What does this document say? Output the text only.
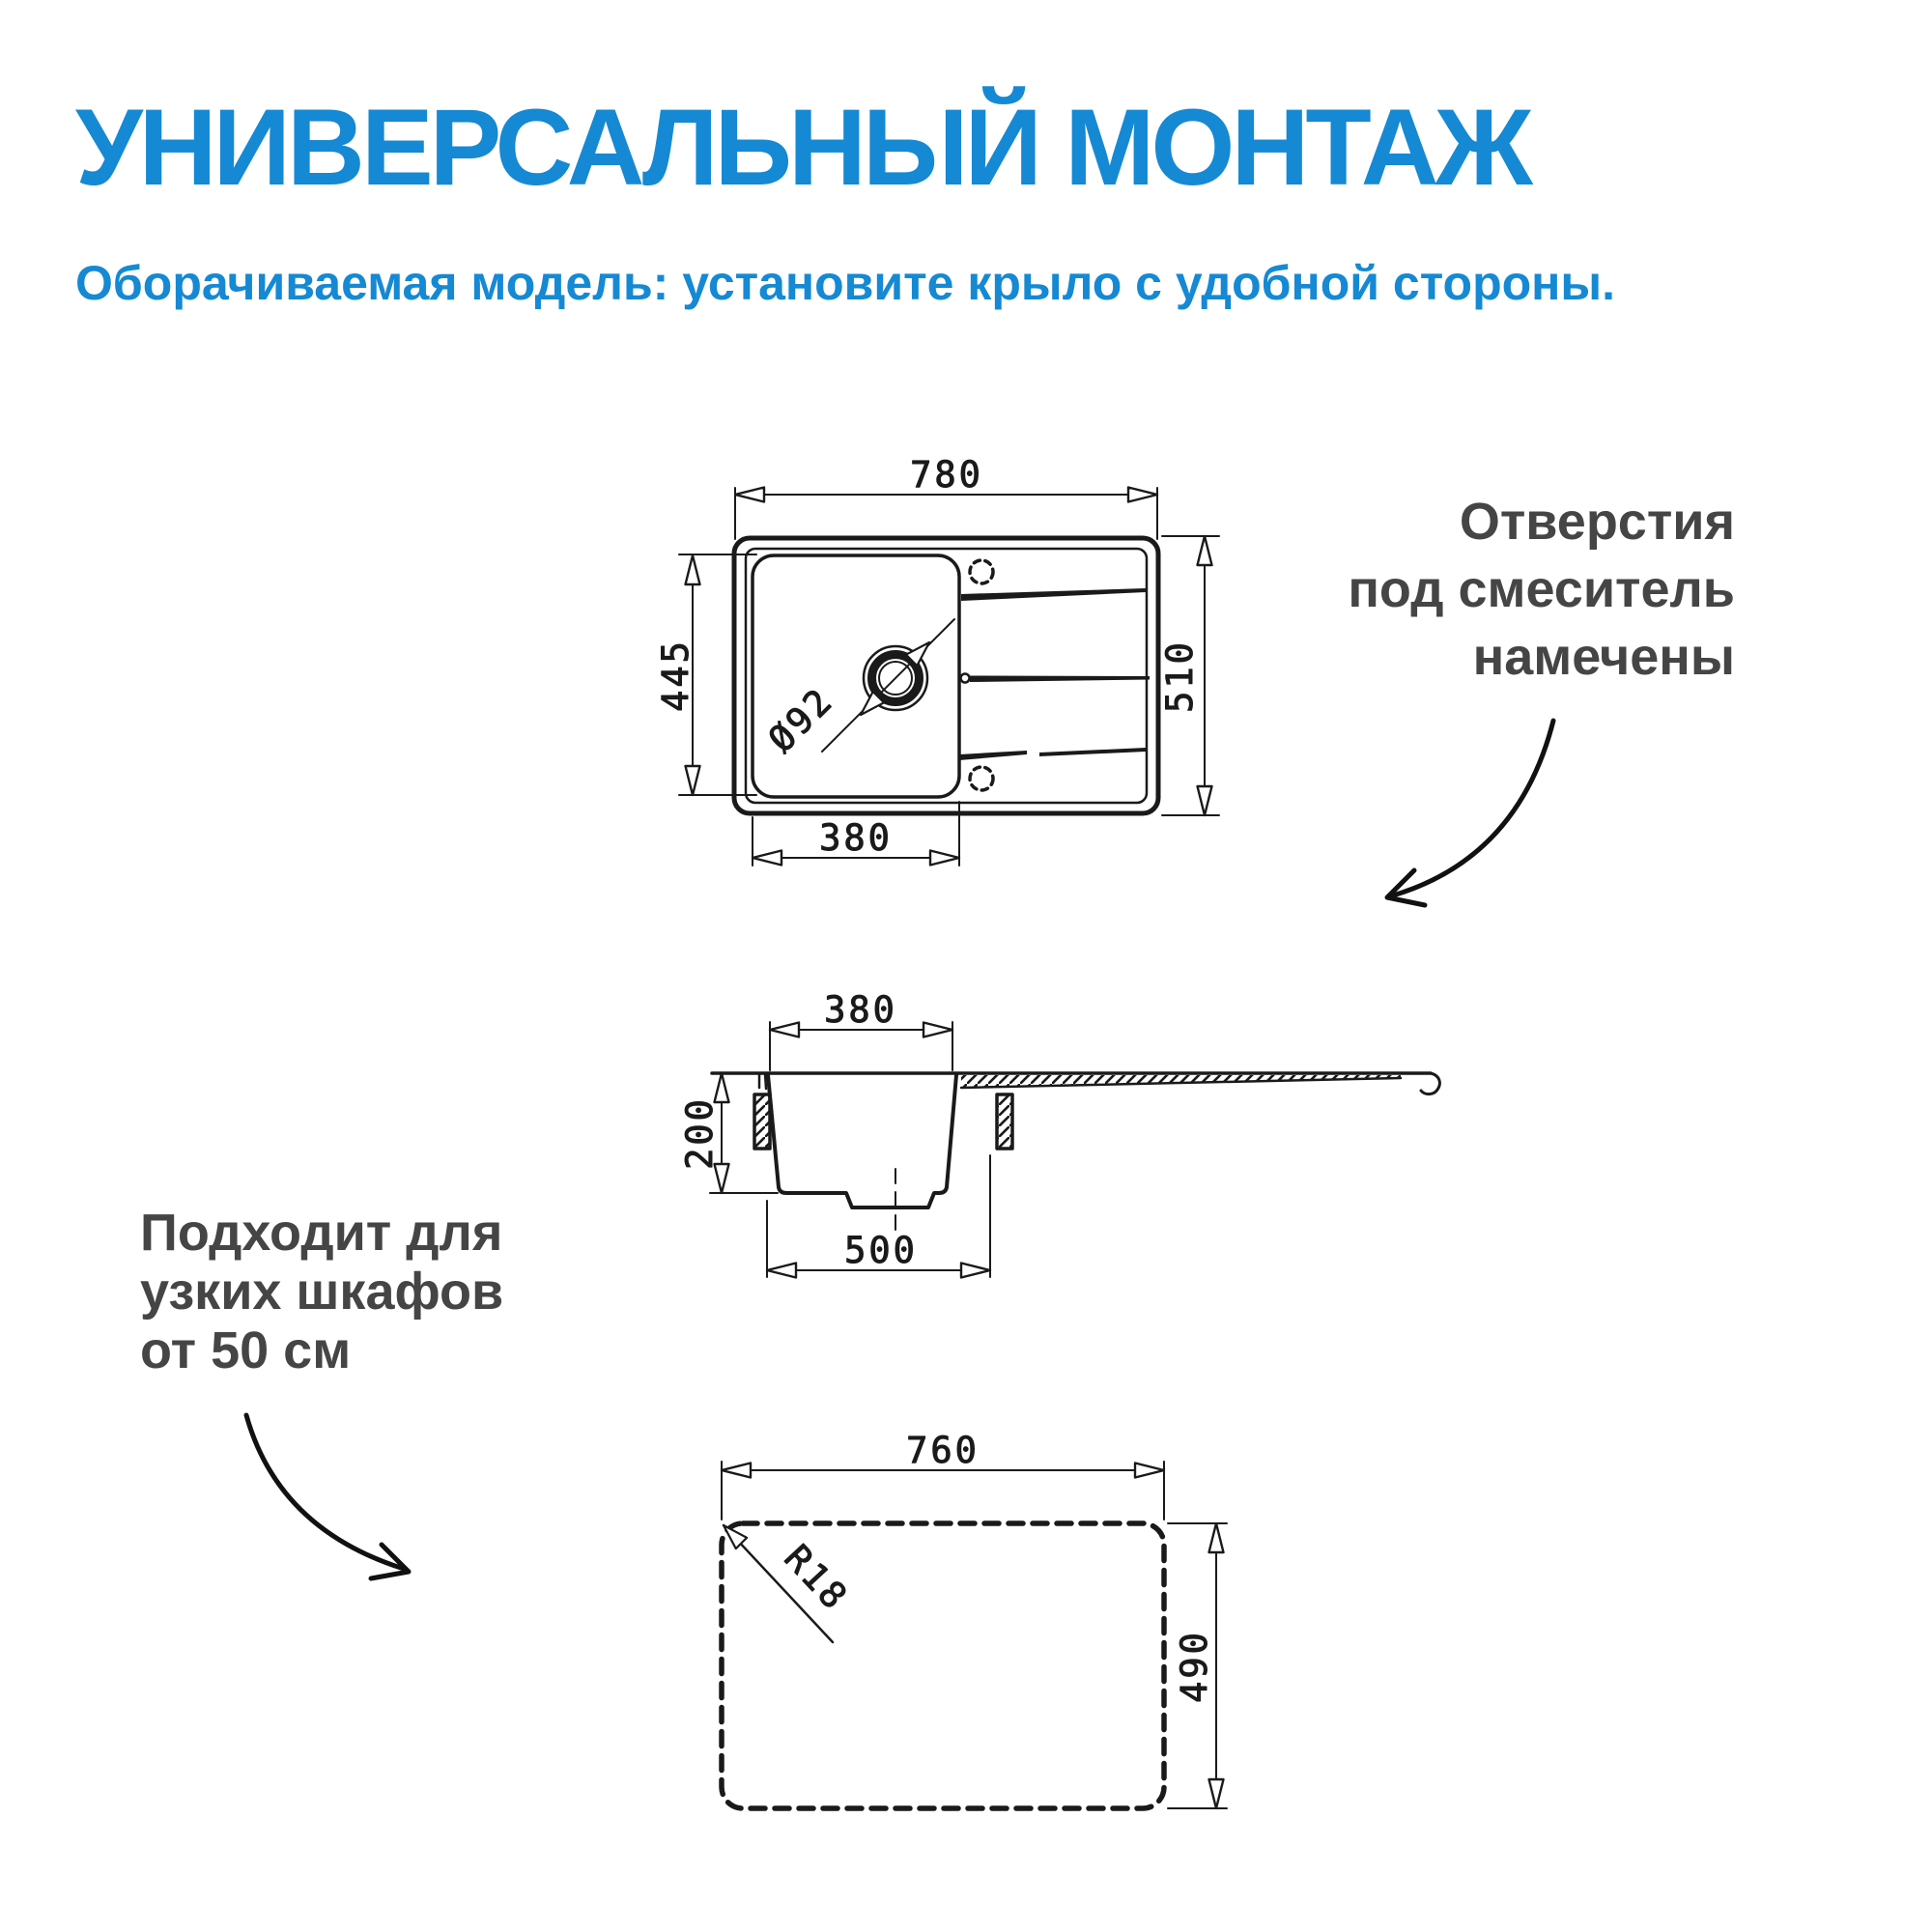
УНИВЕРСАЛЬНЫЙ МОНТАЖ
Оборачиваемая модель: установите крыло с удобной стороны.
Отверстия
под смеситель
намечены
Подходит для
узких шкафов
от 50 см
780
510
445
380
Ø92
380
200
500
760
490
R18
